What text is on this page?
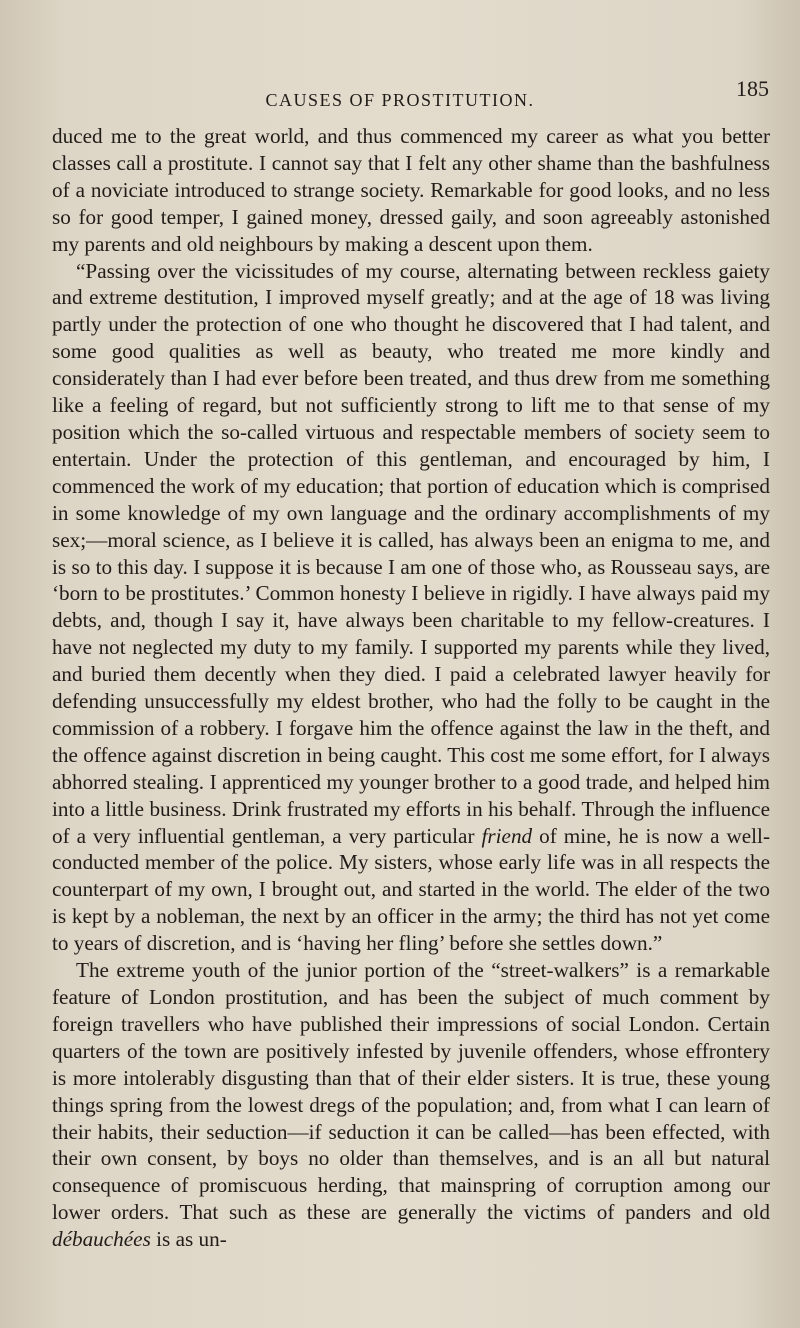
CAUSES OF PROSTITUTION.	185

duced me to the great world, and thus commenced my career as what you better classes call a prostitute. I cannot say that I felt any other shame than the bashfulness of a noviciate introduced to strange society. Remarkable for good looks, and no less so for good temper, I gained money, dressed gaily, and soon agreeably astonished my parents and old neighbours by making a descent upon them.

“Passing over the vicissitudes of my course, alternating between reckless gaiety and extreme destitution, I improved myself greatly; and at the age of 18 was living partly under the protection of one who thought he discovered that I had talent, and some good qualities as well as beauty, who treated me more kindly and considerately than I had ever before been treated, and thus drew from me something like a feeling of regard, but not sufficiently strong to lift me to that sense of my position which the so-called virtuous and respectable members of society seem to entertain. Under the protection of this gentleman, and encouraged by him, I commenced the work of my education; that portion of education which is comprised in some knowledge of my own language and the ordinary accomplishments of my sex;—moral science, as I believe it is called, has always been an enigma to me, and is so to this day. I suppose it is because I am one of those who, as Rousseau says, are ‘born to be prostitutes.’ Common honesty I believe in rigidly. I have always paid my debts, and, though I say it, have always been charitable to my fellow-creatures. I have not neglected my duty to my family. I supported my parents while they lived, and buried them decently when they died. I paid a celebrated lawyer heavily for defending unsuccessfully my eldest brother, who had the folly to be caught in the commission of a robbery. I forgave him the offence against the law in the theft, and the offence against discretion in being caught. This cost me some effort, for I always abhorred stealing. I apprenticed my younger brother to a good trade, and helped him into a little business. Drink frustrated my efforts in his behalf. Through the influence of a very influential gentleman, a very particular friend of mine, he is now a well-conducted member of the police. My sisters, whose early life was in all respects the counterpart of my own, I brought out, and started in the world. The elder of the two is kept by a nobleman, the next by an officer in the army; the third has not yet come to years of discretion, and is ‘having her fling’ before she settles down.”

The extreme youth of the junior portion of the “street-walkers” is a remarkable feature of London prostitution, and has been the subject of much comment by foreign travellers who have published their impressions of social London. Certain quarters of the town are positively infested by juvenile offenders, whose effrontery is more intolerably disgusting than that of their elder sisters. It is true, these young things spring from the lowest dregs of the population; and, from what I can learn of their habits, their seduction—if seduction it can be called—has been effected, with their own consent, by boys no older than themselves, and is an all but natural consequence of promiscuous herding, that mainspring of corruption among our lower orders. That such as these are generally the victims of panders and old débauchées is as un-
